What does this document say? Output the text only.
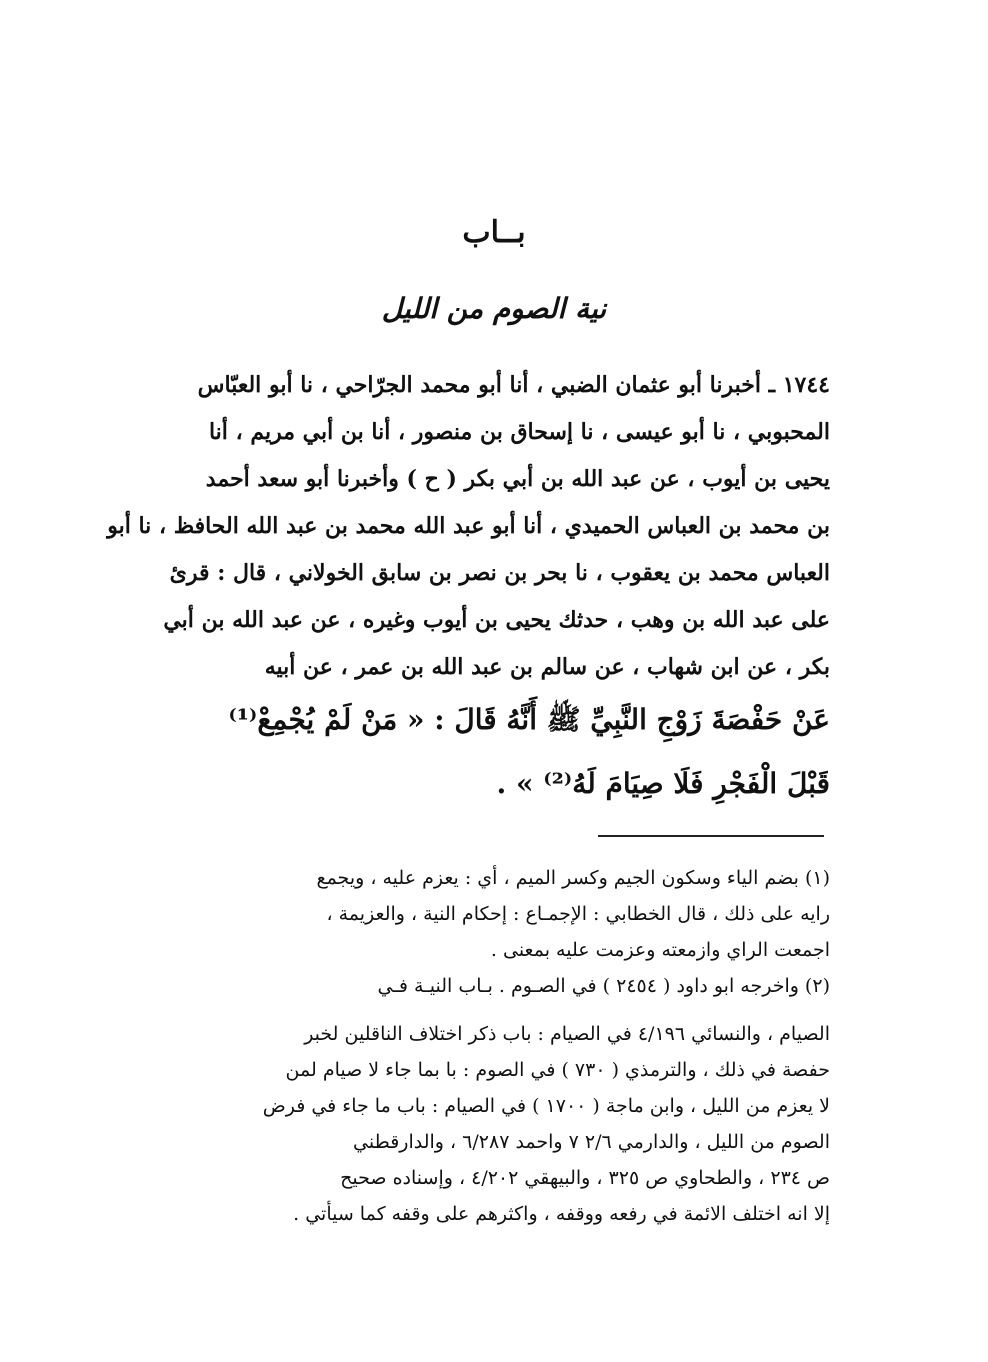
بــاب
نية الصوم من الليل
١٧٤٤ ـ أخبرنا أبو عثمان الضبي ، أنا أبو محمد الجرّاحي ، نا أبو العبّاس
المحبوبي ، نا أبو عيسى ، نا إسحاق بن منصور ، أنا بن أبي مريم ، أنا
يحيى بن أيوب ، عن عبد الله بن أبي بكر ( ح ) وأخبرنا أبو سعد أحمد
بن محمد بن العباس الحميدي ، أنا أبو عبد الله محمد بن عبد الله الحافظ ، نا أبو
العباس محمد بن يعقوب ، نا بحر بن نصر بن سابق الخولاني ، قال : قرئ
على عبد الله بن وهب ، حدثك يحيى بن أيوب وغيره ، عن عبد الله بن أبي
بكر ، عن ابن شهاب ، عن سالم بن عبد الله بن عمر ، عن أبيه
عَنْ حَفْصَةَ زَوْجِ النَّبِيِّ ﷺ أَنَّهُ قَالَ : « مَنْ لَمْ يُجْمِعْ⁽¹⁾
قَبْلَ الْفَجْرِ فَلَا صِيَامَ لَهُ⁽²⁾ » .
(١) بضم الياء وسكون الجيم وكسر الميم ، أي : يعزم عليه ، ويجمع
رايه على ذلك ، قال الخطابي : الإجمـاع : إحكام النية ، والعزيمة ،
اجمعت الراي وازمعته وعزمت عليه بمعنى .
(٢) واخرجه ابو داود ( ٢٤٥٤ ) في الصـوم . بـاب النيـة فـي
الصيام ، والنسائي ٤/١٩٦ في الصيام : باب ذكر اختلاف الناقلين لخبر
حفصة في ذلك ، والترمذي ( ٧٣٠ ) في الصوم : با بما جاء لا صيام لمن
لا يعزم من الليل ، وابن ماجة ( ١٧٠٠ ) في الصيام : باب ما جاء في فرض
الصوم من الليل ، والدارمي ٢/٦ ٧ واحمد ٦/٢٨٧ ، والدارقطني
ص ٢٣٤ ، والطحاوي ص ٣٢٥ ، والبيهقي ٤/٢٠٢ ، وإسناده صحيح
إلا انه اختلف الائمة في رفعه ووقفه ، واكثرهم على وقفه كما سيأتي .
